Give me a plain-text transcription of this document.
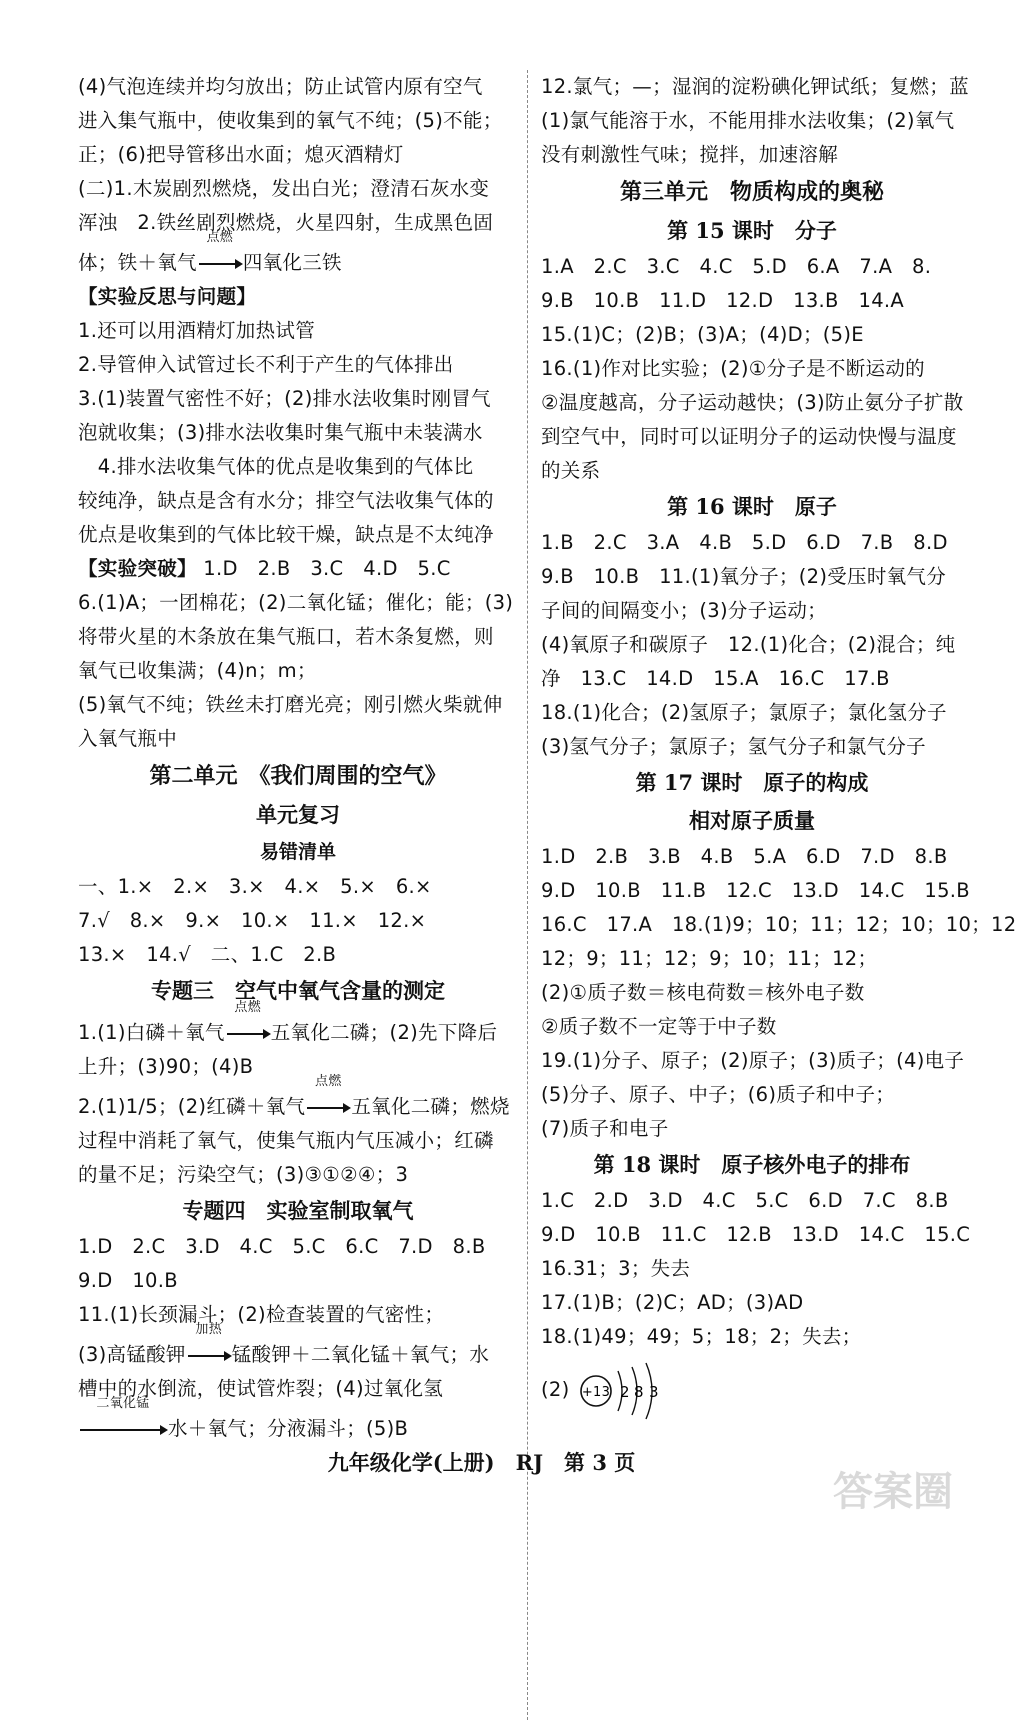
(4)气泡连续并均匀放出；防止试管内原有空气
进入集气瓶中，使收集到的氧气不纯；(5)不能；
正；(6)把导管移出水面；熄灭酒精灯
(二)1.木炭剧烈燃烧，发出白光；澄清石灰水变
浑浊　2.铁丝剧烈燃烧，火星四射，生成黑色固
体；铁＋氧气
点燃
四氧化三铁
【实验反思与问题】
1.还可以用酒精灯加热试管
2.导管伸入试管过长不利于产生的气体排出
3.(1)装置气密性不好；(2)排水法收集时刚冒气
泡就收集；(3)排水法收集时集气瓶中未装满水
　4.排水法收集气体的优点是收集到的气体比
较纯净，缺点是含有水分；排空气法收集气体的
优点是收集到的气体比较干燥，缺点是不太纯净
【实验突破】 1.D　2.B　3.C　4.D　5.C
6.(1)A；一团棉花；(2)二氧化锰；催化；能；(3)
将带火星的木条放在集气瓶口，若木条复燃，则
氧气已收集满；(4)n；m；
(5)氧气不纯；铁丝未打磨光亮；刚引燃火柴就伸
入氧气瓶中
第二单元　《我们周围的空气》
单元复习
易错清单
一、1.×　2.×　3.×　4.×　5.×　6.×
7.√　8.×　9.×　10.×　11.×　12.×
13.×　14.√　二、1.C　2.B
专题三　空气中氧气含量的测定
1.(1)白磷＋氧气
点燃
五氧化二磷；(2)先下降后
上升；(3)90；(4)B
2.(1)1/5；(2)红磷＋氧气
点燃
五氧化二磷；燃烧
过程中消耗了氧气，使集气瓶内气压减小；红磷
的量不足；污染空气；(3)③①②④；3
专题四　实验室制取氧气
1.D　2.C　3.D　4.C　5.C　6.C　7.D　8.B
9.D　10.B
11.(1)长颈漏斗；(2)检查装置的气密性；
(3)高锰酸钾
加热
锰酸钾＋二氧化锰＋氧气；水
槽中的水倒流，使试管炸裂；(4)过氧化氢
二氧化锰
水＋氧气；分液漏斗；(5)B
12.氯气；—；湿润的淀粉碘化钾试纸；复燃；蓝
(1)氯气能溶于水，不能用排水法收集；(2)氧气
没有刺激性气味；搅拌，加速溶解
第三单元　物质构成的奥秘
第 15 课时　分子
1.A　2.C　3.C　4.C　5.D　6.A　7.A　8.
9.B　10.B　11.D　12.D　13.B　14.A
15.(1)C；(2)B；(3)A；(4)D；(5)E
16.(1)作对比实验；(2)①分子是不断运动的
②温度越高，分子运动越快；(3)防止氨分子扩散
到空气中，同时可以证明分子的运动快慢与温度
的关系
第 16 课时　原子
1.B　2.C　3.A　4.B　5.D　6.D　7.B　8.D
9.B　10.B　11.(1)氧分子；(2)受压时氧气分
子间的间隔变小；(3)分子运动；
(4)氧原子和碳原子　12.(1)化合；(2)混合；纯
净　13.C　14.D　15.A　16.C　17.B
18.(1)化合；(2)氢原子；氯原子；氯化氢分子
(3)氢气分子；氯原子；氢气分子和氯气分子
第 17 课时　原子的构成
相对原子质量
1.D　2.B　3.B　4.B　5.A　6.D　7.D　8.B
9.D　10.B　11.B　12.C　13.D　14.C　15.B
16.C　17.A　18.(1)9；10；11；12；10；10；12
12；9；11；12；9；10；11；12；
(2)①质子数＝核电荷数＝核外电子数
②质子数不一定等于中子数
19.(1)分子、原子；(2)原子；(3)质子；(4)电子
(5)分子、原子、中子；(6)质子和中子；
(7)质子和电子
第 18 课时　原子核外电子的排布
1.C　2.D　3.D　4.C　5.C　6.D　7.C　8.B
9.D　10.B　11.C　12.B　13.D　14.C　15.C
16.31；3；失去
17.(1)B；(2)C；AD；(3)AD
18.(1)49；49；5；18；2；失去；
(2) +13 2 8 3
九年级化学(上册)　RJ　第 3 页
答案圈
